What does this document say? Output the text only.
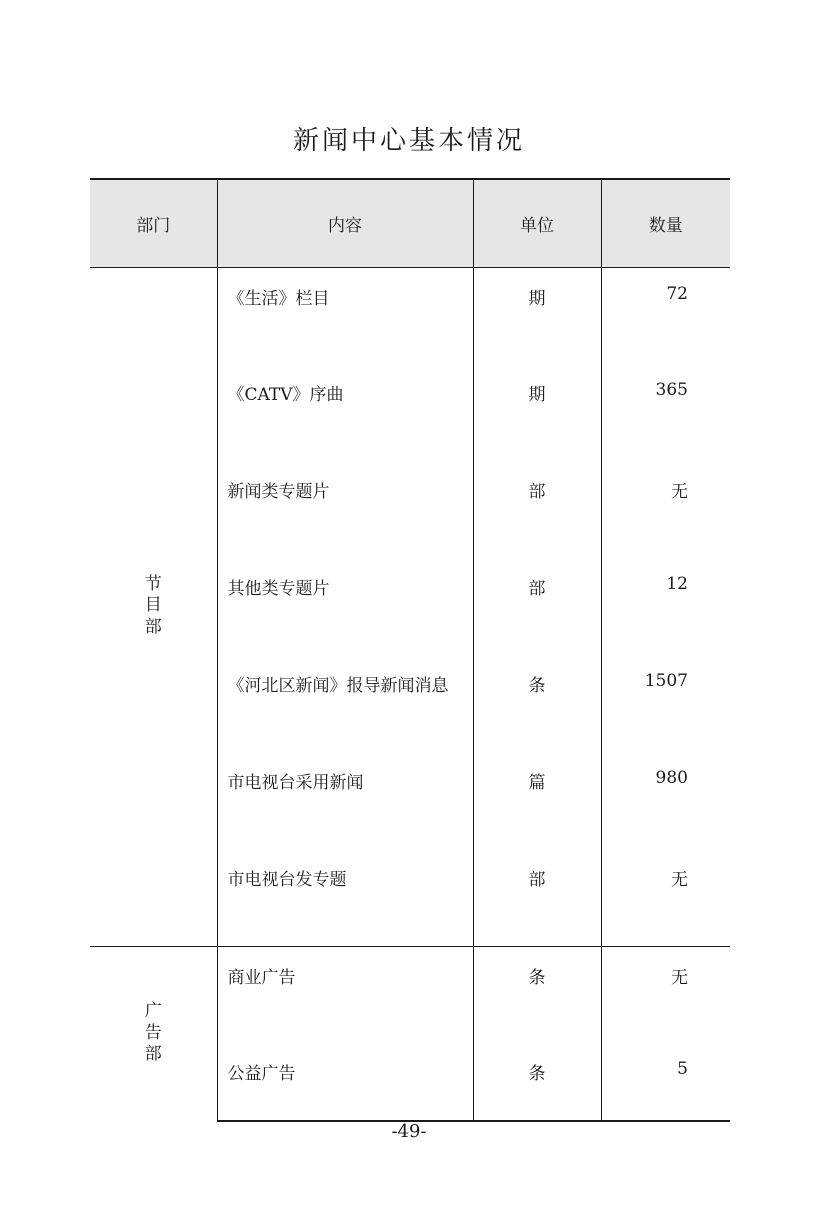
新闻中心基本情况
部门	内容	单位	数量
节目部	《生活》栏目	期	72
	《CATV》序曲	期	365
	新闻类专题片	部	无
	其他类专题片	部	12
	《河北区新闻》报导新闻消息	条	1507
	市电视台采用新闻	篇	980
	市电视台发专题	部	无
广告部	商业广告	条	无
	公益广告	条	5
-49-
